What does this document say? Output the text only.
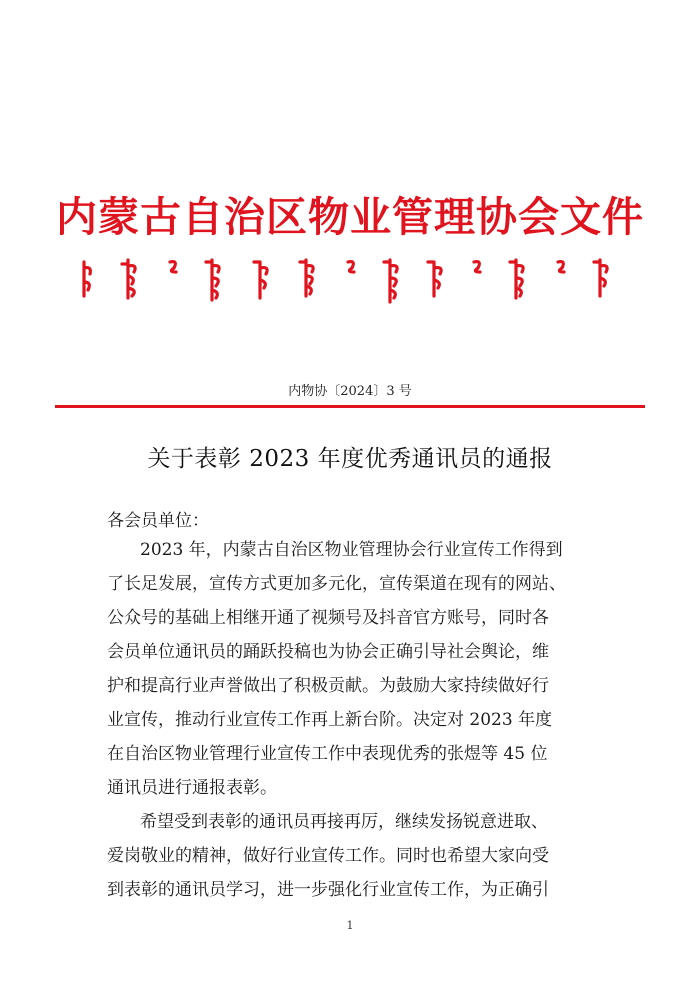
内蒙古自治区物业管理协会文件
内物协〔2024〕3 号
关于表彰 2023 年度优秀通讯员的通报
各会员单位：
2023 年，内蒙古自治区物业管理协会行业宣传工作得到
了长足发展，宣传方式更加多元化，宣传渠道在现有的网站、
公众号的基础上相继开通了视频号及抖音官方账号，同时各
会员单位通讯员的踊跃投稿也为协会正确引导社会舆论，维
护和提高行业声誉做出了积极贡献。为鼓励大家持续做好行
业宣传，推动行业宣传工作再上新台阶。决定对 2023 年度
在自治区物业管理行业宣传工作中表现优秀的张煜等 45 位
通讯员进行通报表彰。
希望受到表彰的通讯员再接再厉，继续发扬锐意进取、
爱岗敬业的精神，做好行业宣传工作。同时也希望大家向受
到表彰的通讯员学习，进一步强化行业宣传工作，为正确引
1
